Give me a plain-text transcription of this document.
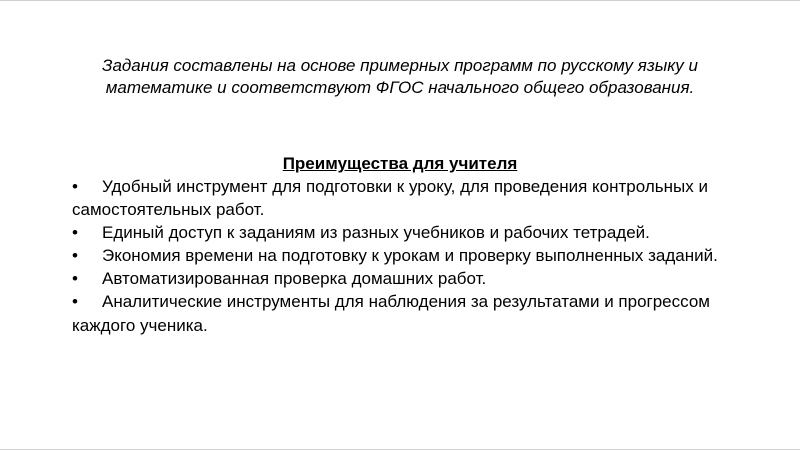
Задания составлены на основе примерных программ по русскому языку и математике и соответствуют ФГОС начального общего образования.

Преимущества для учителя

• Удобный инструмент для подготовки к уроку, для проведения контрольных и самостоятельных работ.
• Единый доступ к заданиям из разных учебников и рабочих тетрадей.
• Экономия времени на подготовку к урокам и проверку выполненных заданий.
• Автоматизированная проверка домашних работ.
• Аналитические инструменты для наблюдения за результатами и прогрессом каждого ученика.
